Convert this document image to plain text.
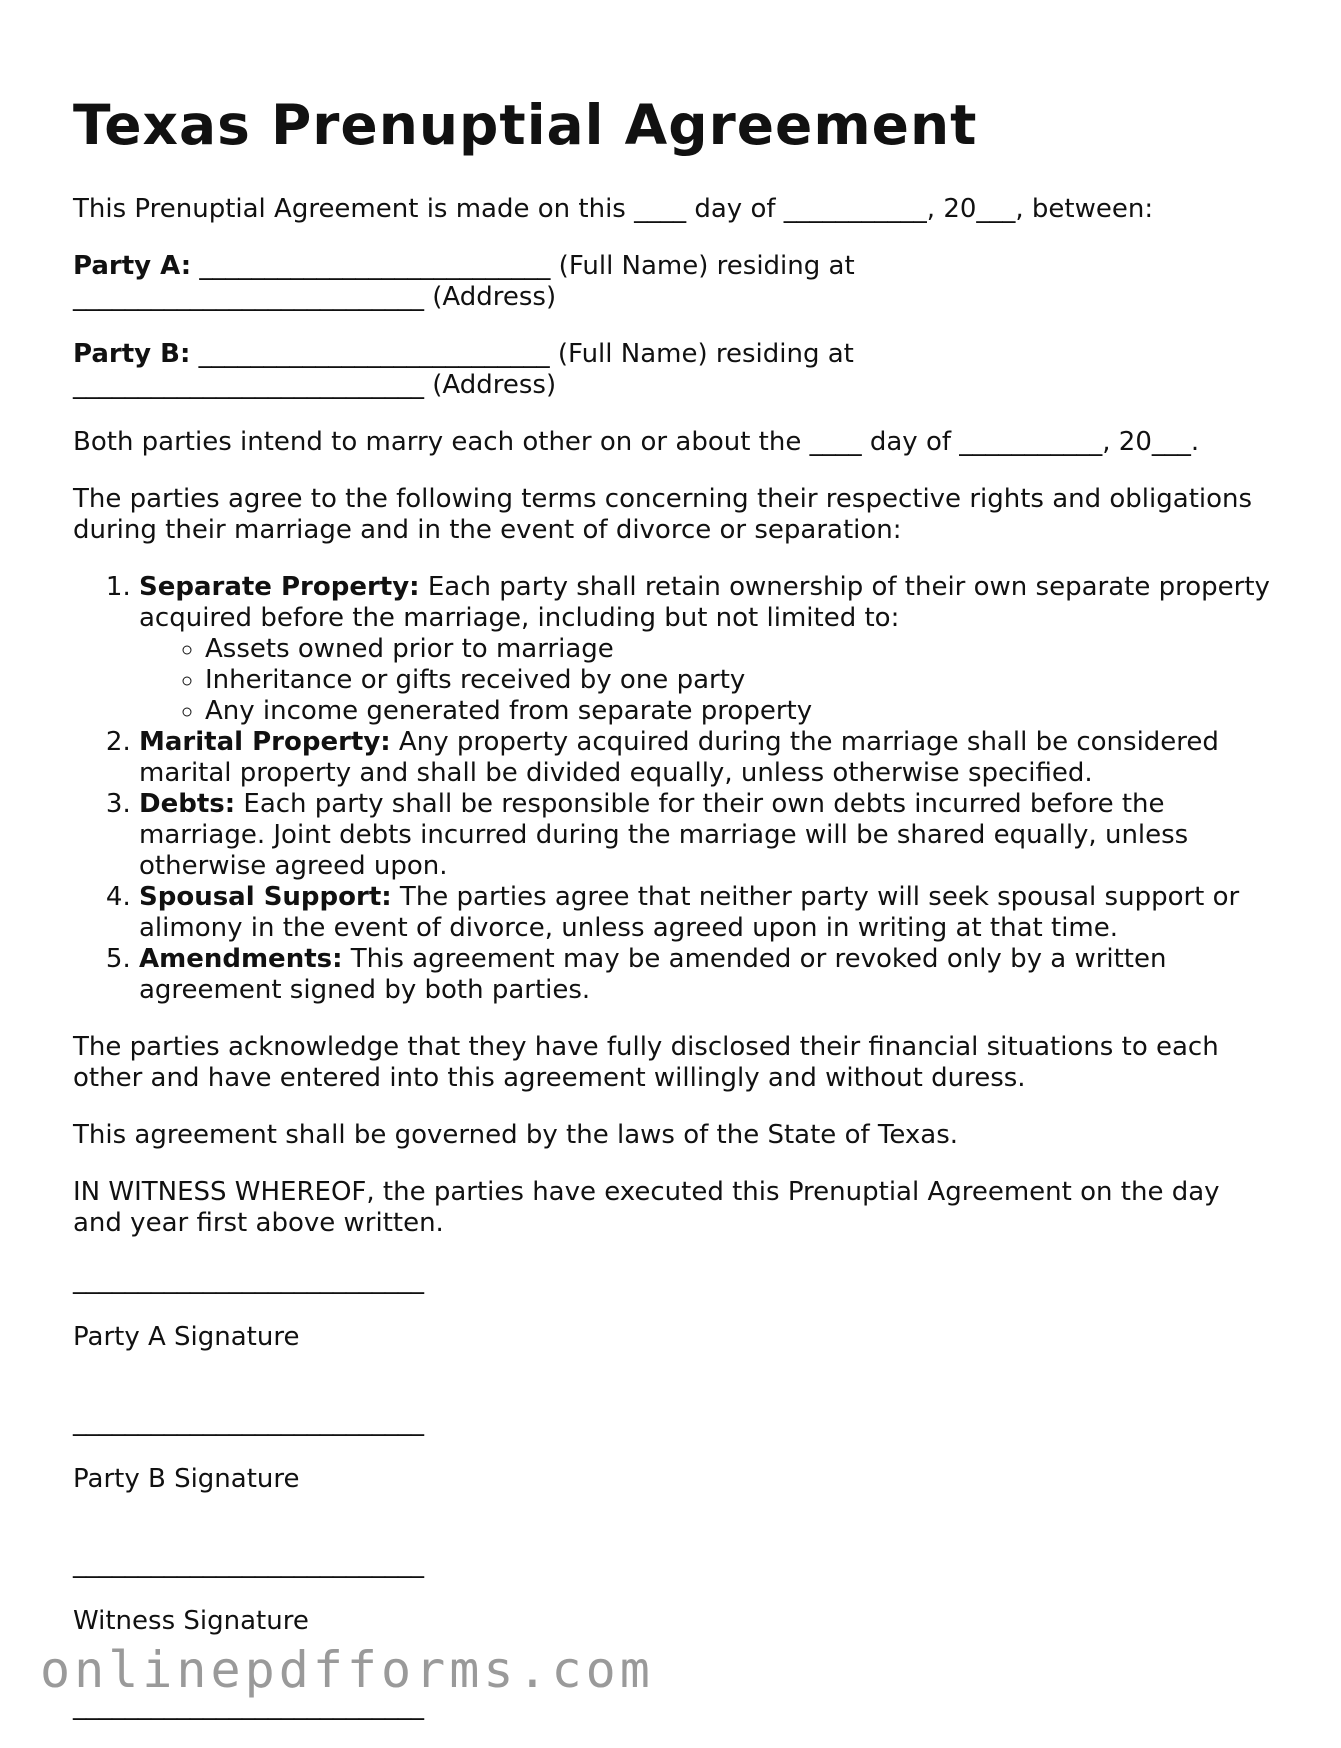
Texas Prenuptial Agreement

This Prenuptial Agreement is made on this ____ day of ___________, 20___, between:

Party A: ___________________________ (Full Name) residing at
___________________________ (Address)

Party B: ___________________________ (Full Name) residing at
___________________________ (Address)

Both parties intend to marry each other on or about the ____ day of ___________, 20___.

The parties agree to the following terms concerning their respective rights and obligations during their marriage and in the event of divorce or separation:

1. Separate Property: Each party shall retain ownership of their own separate property acquired before the marriage, including but not limited to:
◦ Assets owned prior to marriage
◦ Inheritance or gifts received by one party
◦ Any income generated from separate property
2. Marital Property: Any property acquired during the marriage shall be considered marital property and shall be divided equally, unless otherwise specified.
3. Debts: Each party shall be responsible for their own debts incurred before the marriage. Joint debts incurred during the marriage will be shared equally, unless otherwise agreed upon.
4. Spousal Support: The parties agree that neither party will seek spousal support or alimony in the event of divorce, unless agreed upon in writing at that time.
5. Amendments: This agreement may be amended or revoked only by a written agreement signed by both parties.

The parties acknowledge that they have fully disclosed their financial situations to each other and have entered into this agreement willingly and without duress.

This agreement shall be governed by the laws of the State of Texas.

IN WITNESS WHEREOF, the parties have executed this Prenuptial Agreement on the day and year first above written.

___________________________
Party A Signature
___________________________
Party B Signature
___________________________
Witness Signature
___________________________
onlinepdfforms.com
